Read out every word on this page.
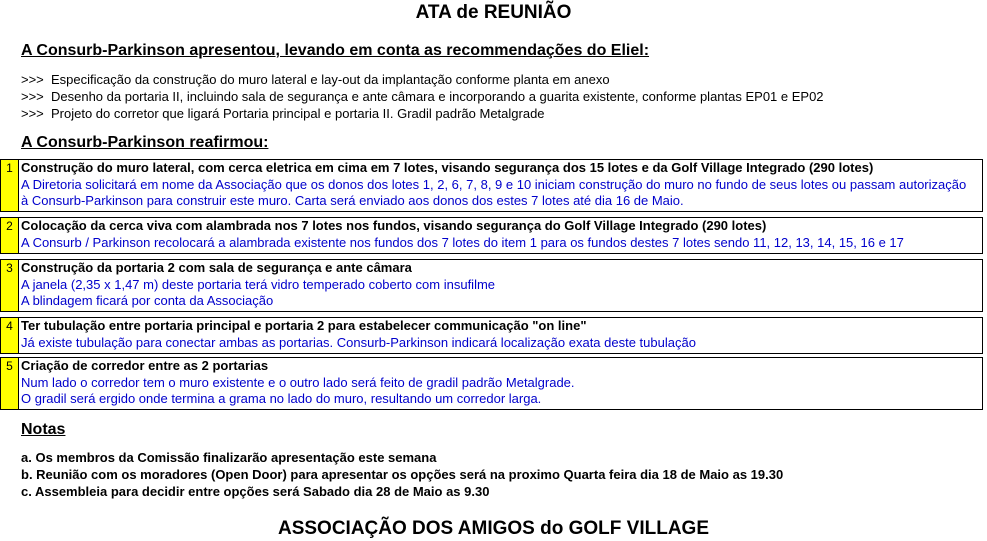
ATA de REUNIÃO
A Consurb-Parkinson apresentou, levando em conta as recommendações do Eliel:
>>> Especificação da construção do muro lateral e lay-out da implantação conforme planta em anexo
>>> Desenho da portaria II, incluindo sala de segurança e ante câmara e incorporando a guarita existente, conforme plantas EP01 e EP02
>>> Projeto do corretor que ligará Portaria principal e portaria II. Gradil padrão Metalgrade
A Consurb-Parkinson reafirmou:
1 Construção do muro lateral, com cerca eletrica em cima em 7 lotes, visando segurança dos 15 lotes e da Golf Village Integrado (290 lotes)
A Diretoria solicitará em nome da Associação que os donos dos lotes 1, 2, 6, 7, 8, 9 e 10 iniciam construção do muro no fundo de seus lotes ou passam autorização
à Consurb-Parkinson para construir este muro. Carta será enviado aos donos dos estes 7 lotes até dia 16 de Maio.
2 Colocação da cerca viva com alambrada nos 7 lotes nos fundos, visando segurança do Golf Village Integrado (290 lotes)
A Consurb / Parkinson recolocará a alambrada existente nos fundos dos 7 lotes do item 1 para os fundos destes 7 lotes sendo 11, 12, 13, 14, 15, 16 e 17
3 Construção da portaria 2 com sala de segurança e ante câmara
A janela (2,35 x 1,47 m) deste portaria terá vidro temperado coberto com insufilme
A blindagem ficará por conta da Associação
4 Ter tubulação entre portaria principal e portaria 2 para estabelecer communicação "on line"
Já existe tubulação para conectar ambas as portarias. Consurb-Parkinson indicará localização exata deste tubulação
5 Criação de corredor entre as 2 portarias
Num lado o corredor tem o muro existente e o outro lado será feito de gradil padrão Metalgrade.
O gradil será ergido onde termina a grama no lado do muro, resultando um corredor larga.
Notas
a. Os membros da Comissão finalizarão apresentação este semana
b. Reunião com os moradores (Open Door) para apresentar os opções será na proximo Quarta feira dia 18 de Maio as 19.30
c. Assembleia para decidir entre opções será Sabado dia 28 de Maio as 9.30
ASSOCIAÇÃO DOS AMIGOS do GOLF VILLAGE
